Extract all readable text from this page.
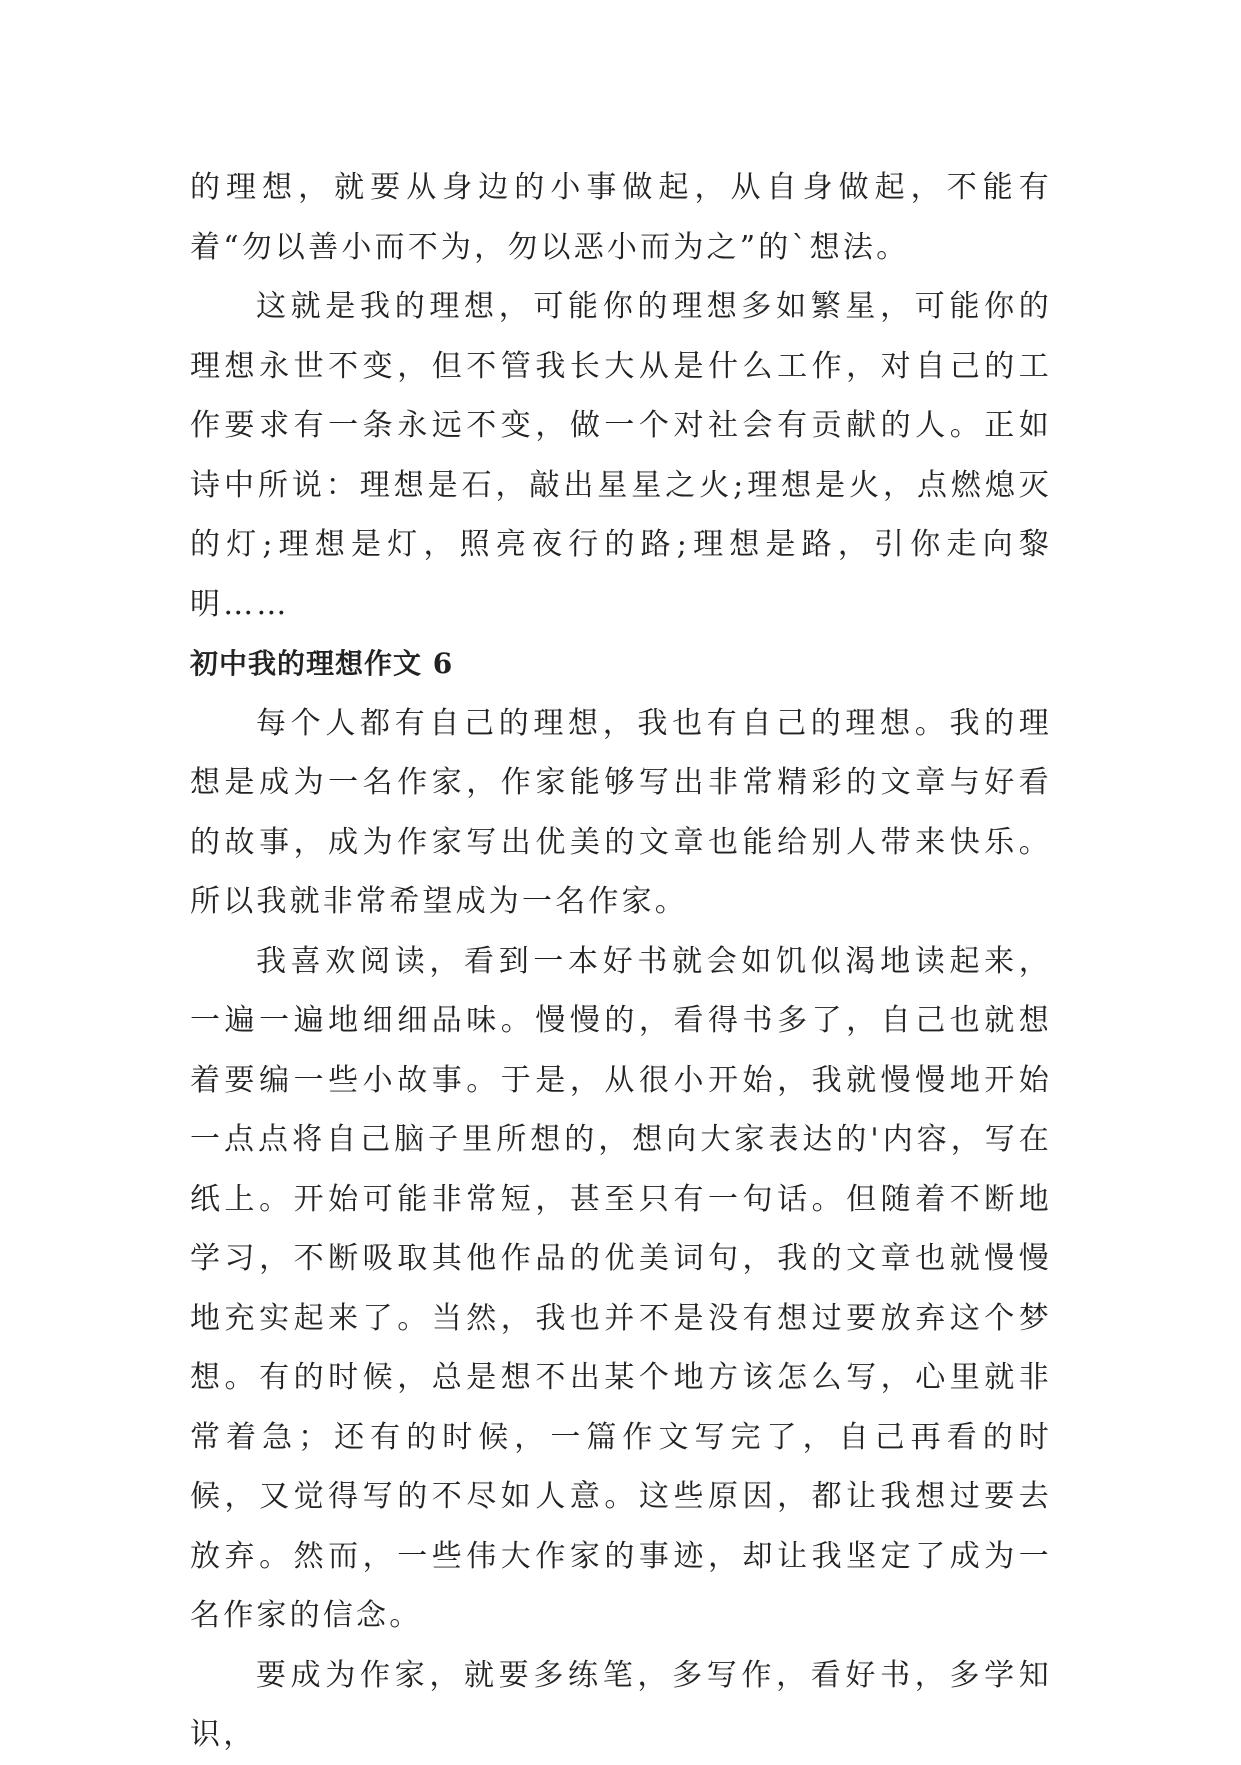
的理想，就要从身边的小事做起，从自身做起，不能有着“勿以善小而不为，勿以恶小而为之”的`想法。

这就是我的理想，可能你的理想多如繁星，可能你的理想永世不变，但不管我长大从是什么工作，对自己的工作要求有一条永远不变，做一个对社会有贡献的人。正如诗中所说：理想是石，敲出星星之火;理想是火，点燃熄灭的灯;理想是灯，照亮夜行的路;理想是路，引你走向黎明……

初中我的理想作文 6

每个人都有自己的理想，我也有自己的理想。我的理想是成为一名作家，作家能够写出非常精彩的文章与好看的故事，成为作家写出优美的文章也能给别人带来快乐。所以我就非常希望成为一名作家。

我喜欢阅读，看到一本好书就会如饥似渴地读起来，一遍一遍地细细品味。慢慢的，看得书多了，自己也就想着要编一些小故事。于是，从很小开始，我就慢慢地开始一点点将自己脑子里所想的，想向大家表达的'内容，写在纸上。开始可能非常短，甚至只有一句话。但随着不断地学习，不断吸取其他作品的优美词句，我的文章也就慢慢地充实起来了。当然，我也并不是没有想过要放弃这个梦想。有的时候，总是想不出某个地方该怎么写，心里就非常着急；还有的时候，一篇作文写完了，自己再看的时候，又觉得写的不尽如人意。这些原因，都让我想过要去放弃。然而，一些伟大作家的事迹，却让我坚定了成为一名作家的信念。

要成为作家，就要多练笔，多写作，看好书，多学知识，
